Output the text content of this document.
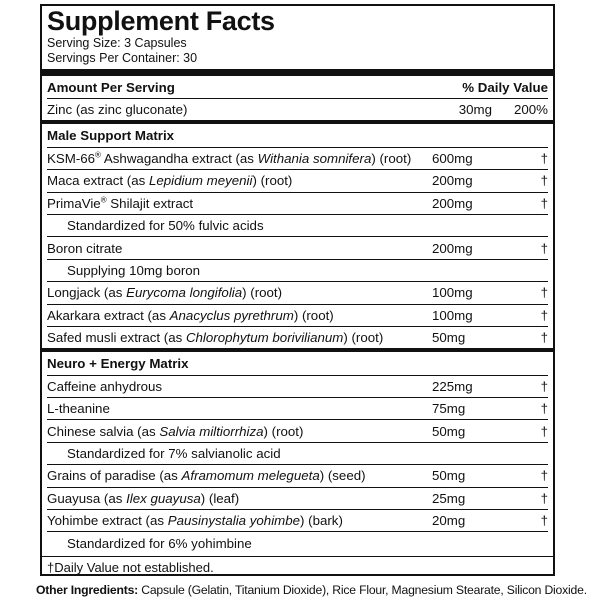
Supplement Facts
Serving Size: 3 Capsules
Servings Per Container: 30
Amount Per Serving	% Daily Value
Zinc (as zinc gluconate)	30mg	200%
Male Support Matrix
KSM-66® Ashwagandha extract (as Withania somnifera) (root)	600mg	†
Maca extract (as Lepidium meyenii) (root)	200mg	†
PrimaVie® Shilajit extract	200mg	†
Standardized for 50% fulvic acids
Boron citrate	200mg	†
Supplying 10mg boron
Longjack (as Eurycoma longifolia) (root)	100mg	†
Akarkara extract (as Anacyclus pyrethrum) (root)	100mg	†
Safed musli extract (as Chlorophytum borivilianum) (root)	50mg	†
Neuro + Energy Matrix
Caffeine anhydrous	225mg	†
L-theanine	75mg	†
Chinese salvia (as Salvia miltiorrhiza) (root)	50mg	†
Standardized for 7% salvianolic acid
Grains of paradise (as Aframomum melegueta) (seed)	50mg	†
Guayusa (as Ilex guayusa) (leaf)	25mg	†
Yohimbe extract (as Pausinystalia yohimbe) (bark)	20mg	†
Standardized for 6% yohimbine
†Daily Value not established.
Other Ingredients: Capsule (Gelatin, Titanium Dioxide), Rice Flour, Magnesium Stearate, Silicon Dioxide.
